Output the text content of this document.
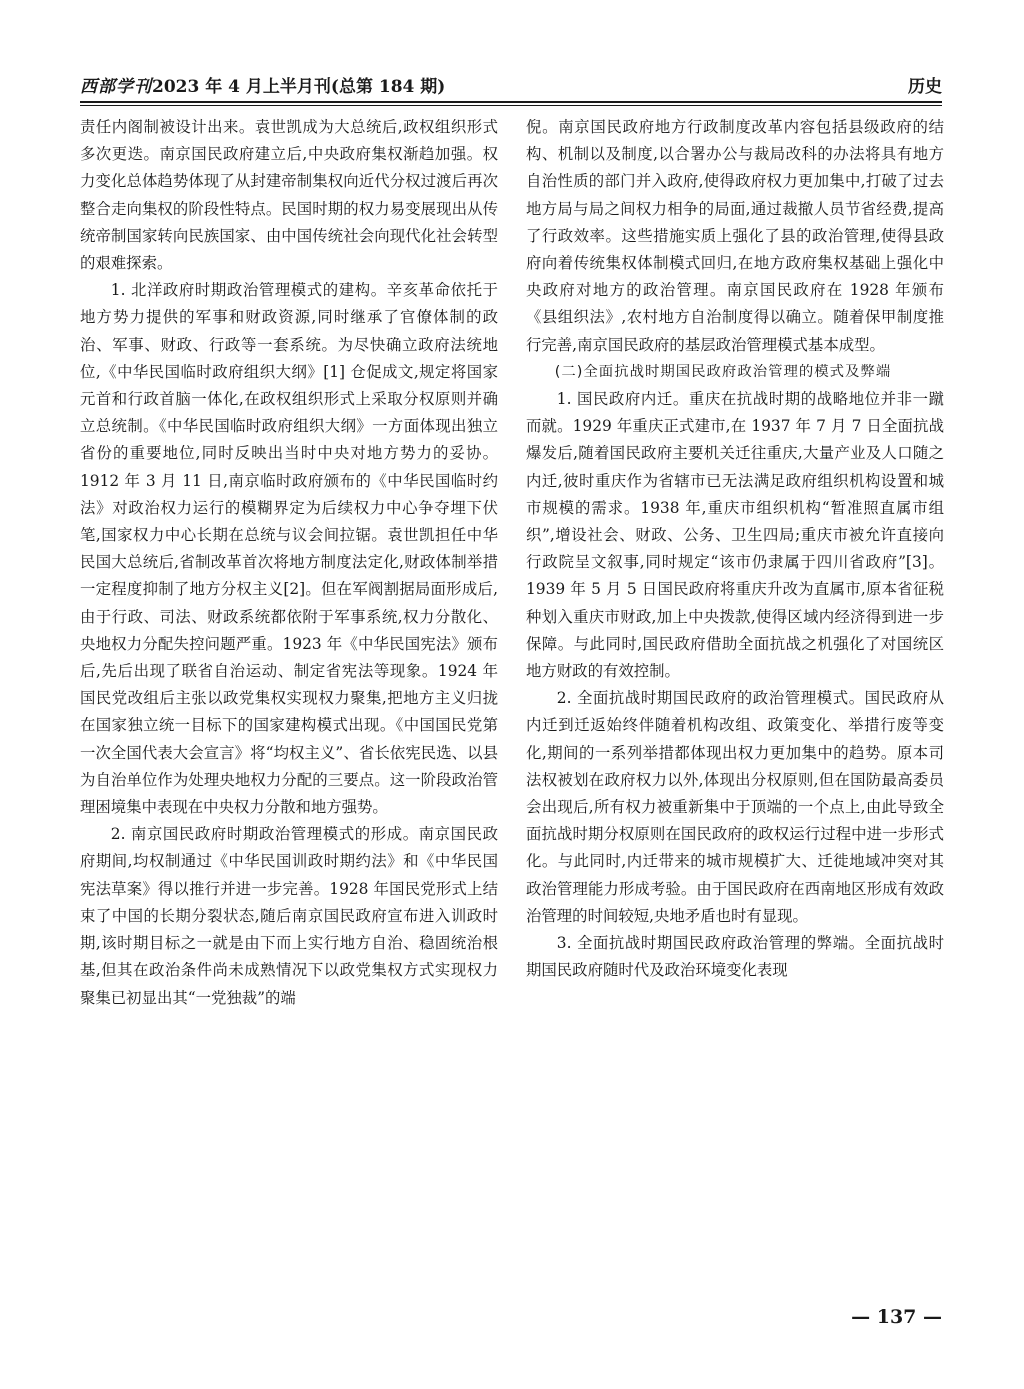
西部学刊2023 年 4 月上半月刊(总第 184 期)	历史

责任内阁制被设计出来。袁世凯成为大总统后,政权组织形式多次更迭。南京国民政府建立后,中央政府集权渐趋加强。权力变化总体趋势体现了从封建帝制集权向近代分权过渡后再次整合走向集权的阶段性特点。民国时期的权力易变展现出从传统帝制国家转向民族国家、由中国传统社会向现代化社会转型的艰难探索。

1. 北洋政府时期政治管理模式的建构。辛亥革命依托于地方势力提供的军事和财政资源,同时继承了官僚体制的政治、军事、财政、行政等一套系统。为尽快确立政府法统地位,《中华民国临时政府组织大纲》[1] 仓促成文,规定将国家元首和行政首脑一体化,在政权组织形式上采取分权原则并确立总统制。《中华民国临时政府组织大纲》一方面体现出独立省份的重要地位,同时反映出当时中央对地方势力的妥协。1912 年 3 月 11 日,南京临时政府颁布的《中华民国临时约法》对政治权力运行的模糊界定为后续权力中心争夺埋下伏笔,国家权力中心长期在总统与议会间拉锯。袁世凯担任中华民国大总统后,省制改革首次将地方制度法定化,财政体制举措一定程度抑制了地方分权主义[2]。但在军阀割据局面形成后,由于行政、司法、财政系统都依附于军事系统,权力分散化、央地权力分配失控问题严重。1923 年《中华民国宪法》颁布后,先后出现了联省自治运动、制定省宪法等现象。1924 年国民党改组后主张以政党集权实现权力聚集,把地方主义归拢在国家独立统一目标下的国家建构模式出现。《中国国民党第一次全国代表大会宣言》将“均权主义”、省长依宪民选、以县为自治单位作为处理央地权力分配的三要点。这一阶段政治管理困境集中表现在中央权力分散和地方强势。

2. 南京国民政府时期政治管理模式的形成。南京国民政府期间,均权制通过《中华民国训政时期约法》和《中华民国宪法草案》得以推行并进一步完善。1928 年国民党形式上结束了中国的长期分裂状态,随后南京国民政府宣布进入训政时期,该时期目标之一就是由下而上实行地方自治、稳固统治根基,但其在政治条件尚未成熟情况下以政党集权方式实现权力聚集已初显出其“一党独裁”的端

倪。南京国民政府地方行政制度改革内容包括县级政府的结构、机制以及制度,以合署办公与裁局改科的办法将具有地方自治性质的部门并入政府,使得政府权力更加集中,打破了过去地方局与局之间权力相争的局面,通过裁撤人员节省经费,提高了行政效率。这些措施实质上强化了县的政治管理,使得县政府向着传统集权体制模式回归,在地方政府集权基础上强化中央政府对地方的政治管理。南京国民政府在 1928 年颁布《县组织法》,农村地方自治制度得以确立。随着保甲制度推行完善,南京国民政府的基层政治管理模式基本成型。

(二)全面抗战时期国民政府政治管理的模式及弊端

1. 国民政府内迁。重庆在抗战时期的战略地位并非一蹴而就。1929 年重庆正式建市,在 1937 年 7 月 7 日全面抗战爆发后,随着国民政府主要机关迁往重庆,大量产业及人口随之内迁,彼时重庆作为省辖市已无法满足政府组织机构设置和城市规模的需求。1938 年,重庆市组织机构“暂准照直属市组织”,增设社会、财政、公务、卫生四局;重庆市被允许直接向行政院呈文叙事,同时规定“该市仍隶属于四川省政府”[3]。1939 年 5 月 5 日国民政府将重庆升改为直属市,原本省征税种划入重庆市财政,加上中央拨款,使得区域内经济得到进一步保障。与此同时,国民政府借助全面抗战之机强化了对国统区地方财政的有效控制。

2. 全面抗战时期国民政府的政治管理模式。国民政府从内迁到迁返始终伴随着机构改组、政策变化、举措行废等变化,期间的一系列举措都体现出权力更加集中的趋势。原本司法权被划在政府权力以外,体现出分权原则,但在国防最高委员会出现后,所有权力被重新集中于顶端的一个点上,由此导致全面抗战时期分权原则在国民政府的政权运行过程中进一步形式化。与此同时,内迁带来的城市规模扩大、迁徙地域冲突对其政治管理能力形成考验。由于国民政府在西南地区形成有效政治管理的时间较短,央地矛盾也时有显现。

3. 全面抗战时期国民政府政治管理的弊端。全面抗战时期国民政府随时代及政治环境变化表现

— 137 —
